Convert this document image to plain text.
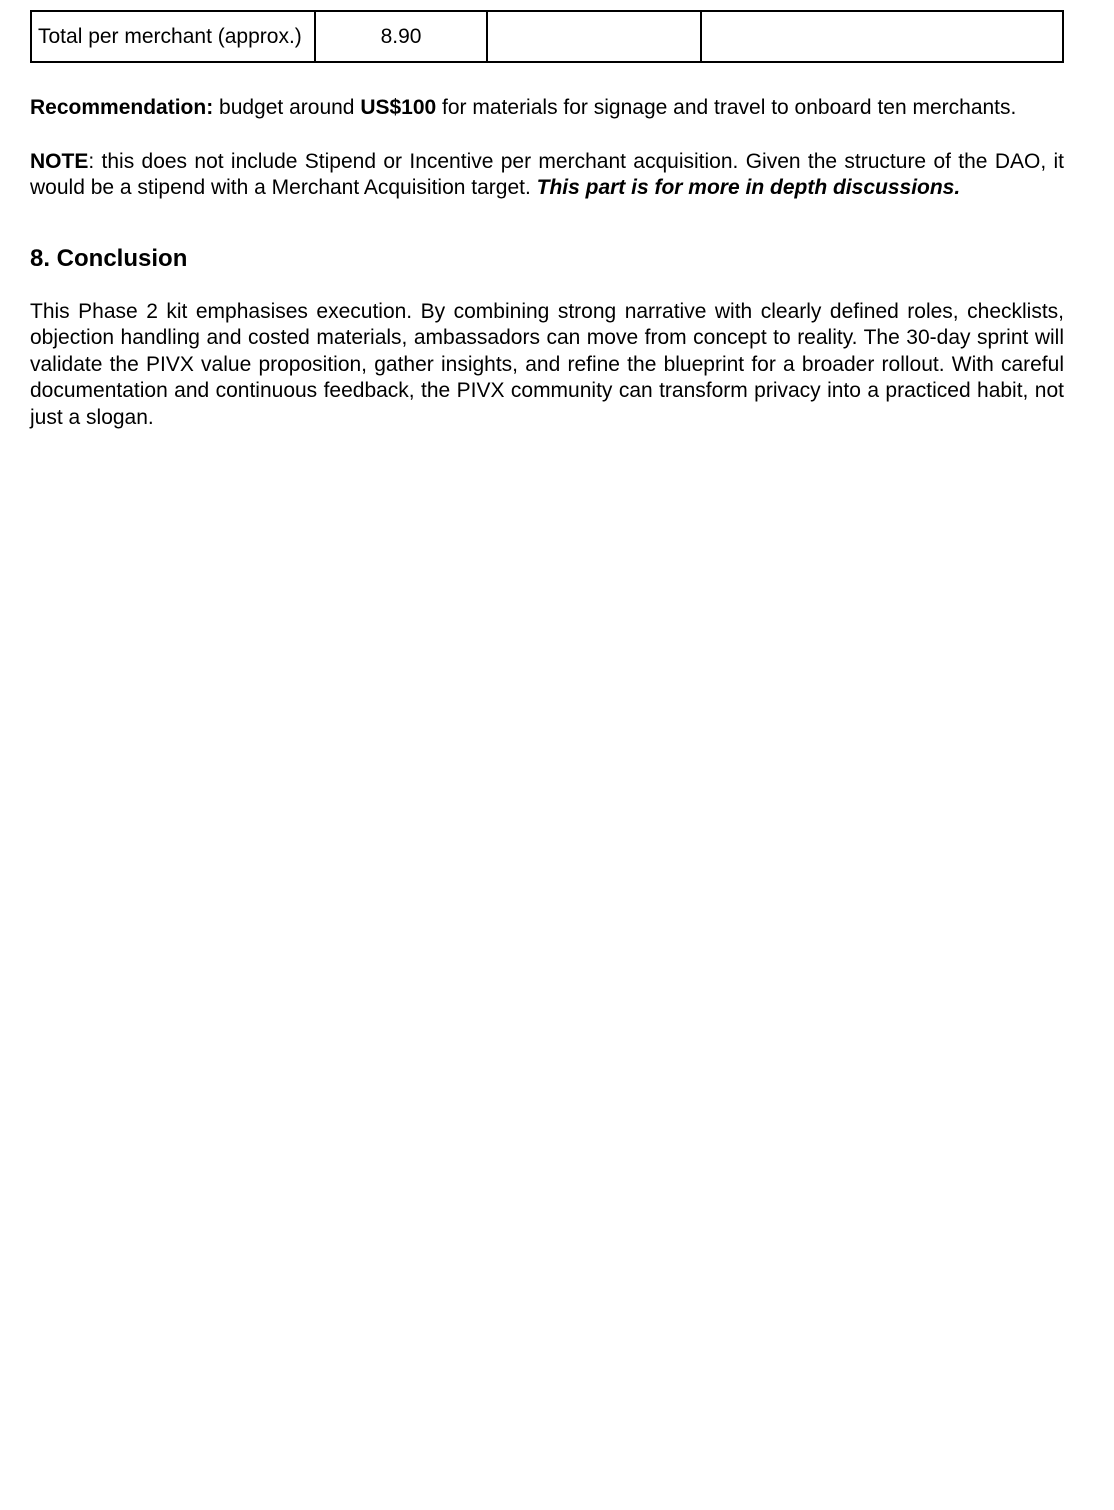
Total per merchant (approx.)	8.90		

Recommendation: budget around US$100 for materials for signage and travel to onboard ten merchants.

NOTE: this does not include Stipend or Incentive per merchant acquisition. Given the structure of the DAO, it would be a stipend with a Merchant Acquisition target. This part is for more in depth discussions.

8. Conclusion

This Phase 2 kit emphasises execution. By combining strong narrative with clearly defined roles, checklists, objection handling and costed materials, ambassadors can move from concept to reality. The 30‑day sprint will validate the PIVX value proposition, gather insights, and refine the blueprint for a broader rollout. With careful documentation and continuous feedback, the PIVX community can transform privacy into a practiced habit, not just a slogan.
